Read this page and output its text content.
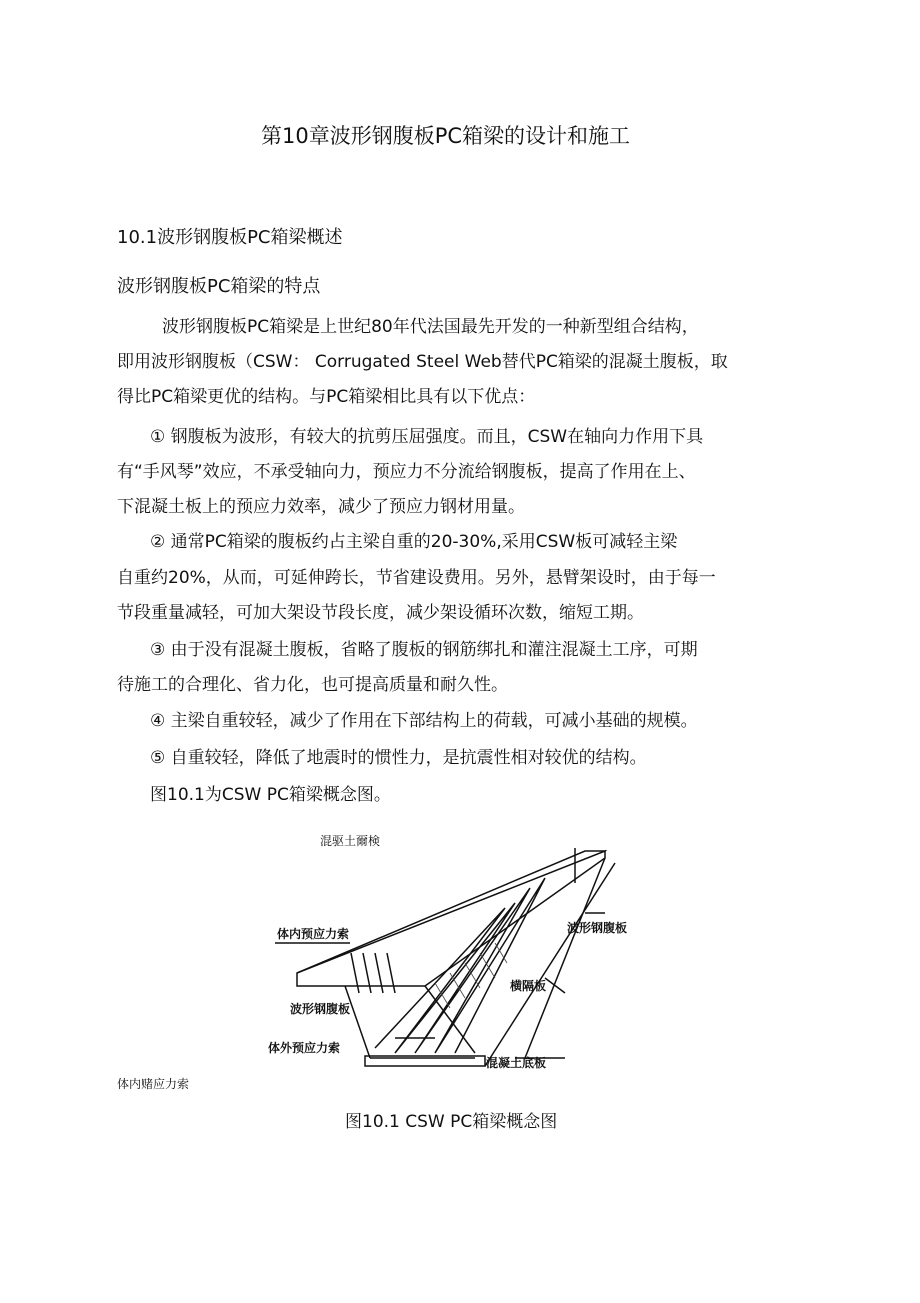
第10章波形钢腹板PC箱梁的设计和施工
10.1波形钢腹板PC箱梁概述
波形钢腹板PC箱梁的特点
波形钢腹板PC箱梁是上世纪80年代法国最先开发的一种新型组合结构，
即用波形钢腹板（CSW： Corrugated Steel Web替代PC箱梁的混凝土腹板，取
得比PC箱梁更优的结构。与PC箱梁相比具有以下优点：
① 钢腹板为波形，有较大的抗剪压屈强度。而且，CSW在轴向力作用下具
有“手风琴”效应，不承受轴向力，预应力不分流给钢腹板，提高了作用在上、
下混凝土板上的预应力效率，减少了预应力钢材用量。
② 通常PC箱梁的腹板约占主梁自重的20-30%,采用CSW板可减轻主梁
自重约20%，从而，可延伸跨长，节省建设费用。另外，悬臂架设时，由于每一
节段重量减轻，可加大架设节段长度，减少架设循环次数，缩短工期。
③ 由于没有混凝土腹板，省略了腹板的钢筋绑扎和灌注混凝土工序，可期
待施工的合理化、省力化，也可提高质量和耐久性。
④ 主梁自重较轻，减少了作用在下部结构上的荷载，可减小基础的规模。
⑤ 自重较轻，降低了地震时的惯性力，是抗震性相对较优的结构。
图10.1为CSW PC箱梁概念图。
混驱土爾検
波形钢腹板
体内预应力索
横隔板
波形钢腹板
体外预应力索
混凝土底板
体内赌应力索
图10.1 CSW PC箱梁概念图
